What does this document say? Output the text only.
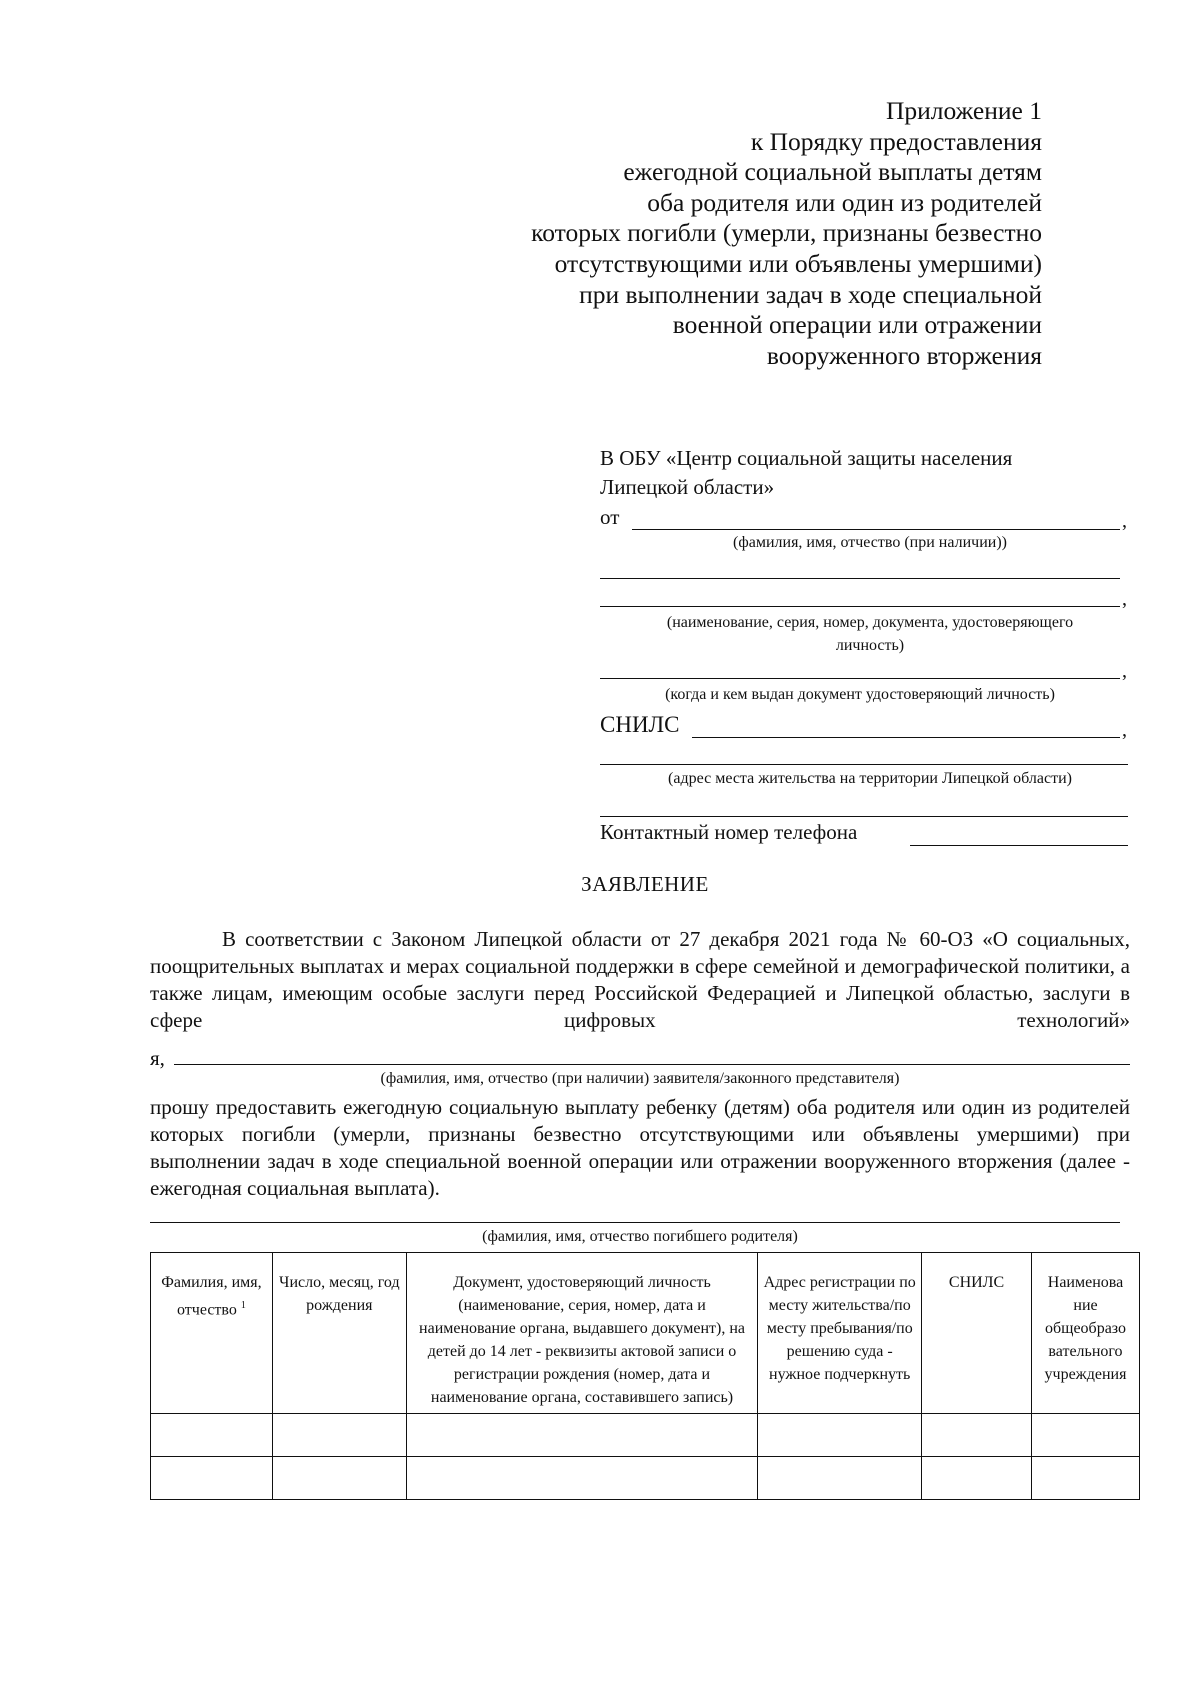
Приложение 1
к Порядку предоставления
ежегодной социальной выплаты детям
оба родителя или один из родителей
которых погибли (умерли, признаны безвестно
отсутствующими или объявлены умершими)
при выполнении задач в ходе специальной
военной операции или отражении
вооруженного вторжения
В ОБУ «Центр социальной защиты населения
Липецкой области»
от	,
(фамилия, имя, отчество (при наличии))
,
(наименование, серия, номер, документа, удостоверяющего
личность)
,
(когда и кем выдан документ удостоверяющий личность)
СНИЛС	,
(адрес места жительства на территории Липецкой области)
Контактный номер телефона
ЗАЯВЛЕНИЕ
В соответствии с Законом Липецкой области от 27 декабря 2021 года № 60-ОЗ «О социальных, поощрительных выплатах и мерах социальной поддержки в сфере семейной и демографической политики, а также лицам, имеющим особые заслуги перед Российской Федерацией и Липецкой областью, заслуги в сфере цифровых технологий»
я,
(фамилия, имя, отчество (при наличии) заявителя/законного представителя)
прошу предоставить ежегодную социальную выплату ребенку (детям) оба родителя или один из родителей которых погибли (умерли, признаны безвестно отсутствующими или объявлены умершими) при выполнении задач в ходе специальной военной операции или отражении вооруженного вторжения (далее - ежегодная социальная выплата).
(фамилия, имя, отчество погибшего родителя)
Фамилия, имя, отчество $^1$	Число, месяц, год рождения	Документ, удостоверяющий личность (наименование, серия, номер, дата и наименование органа, выдавшего документ), на детей до 14 лет - реквизиты актовой записи о регистрации рождения (номер, дата и наименование органа, составившего запись)	Адрес регистрации по месту жительства/по месту пребывания/по решению суда - нужное подчеркнуть	СНИЛС	Наименова ние общеобразо вательного учреждения
